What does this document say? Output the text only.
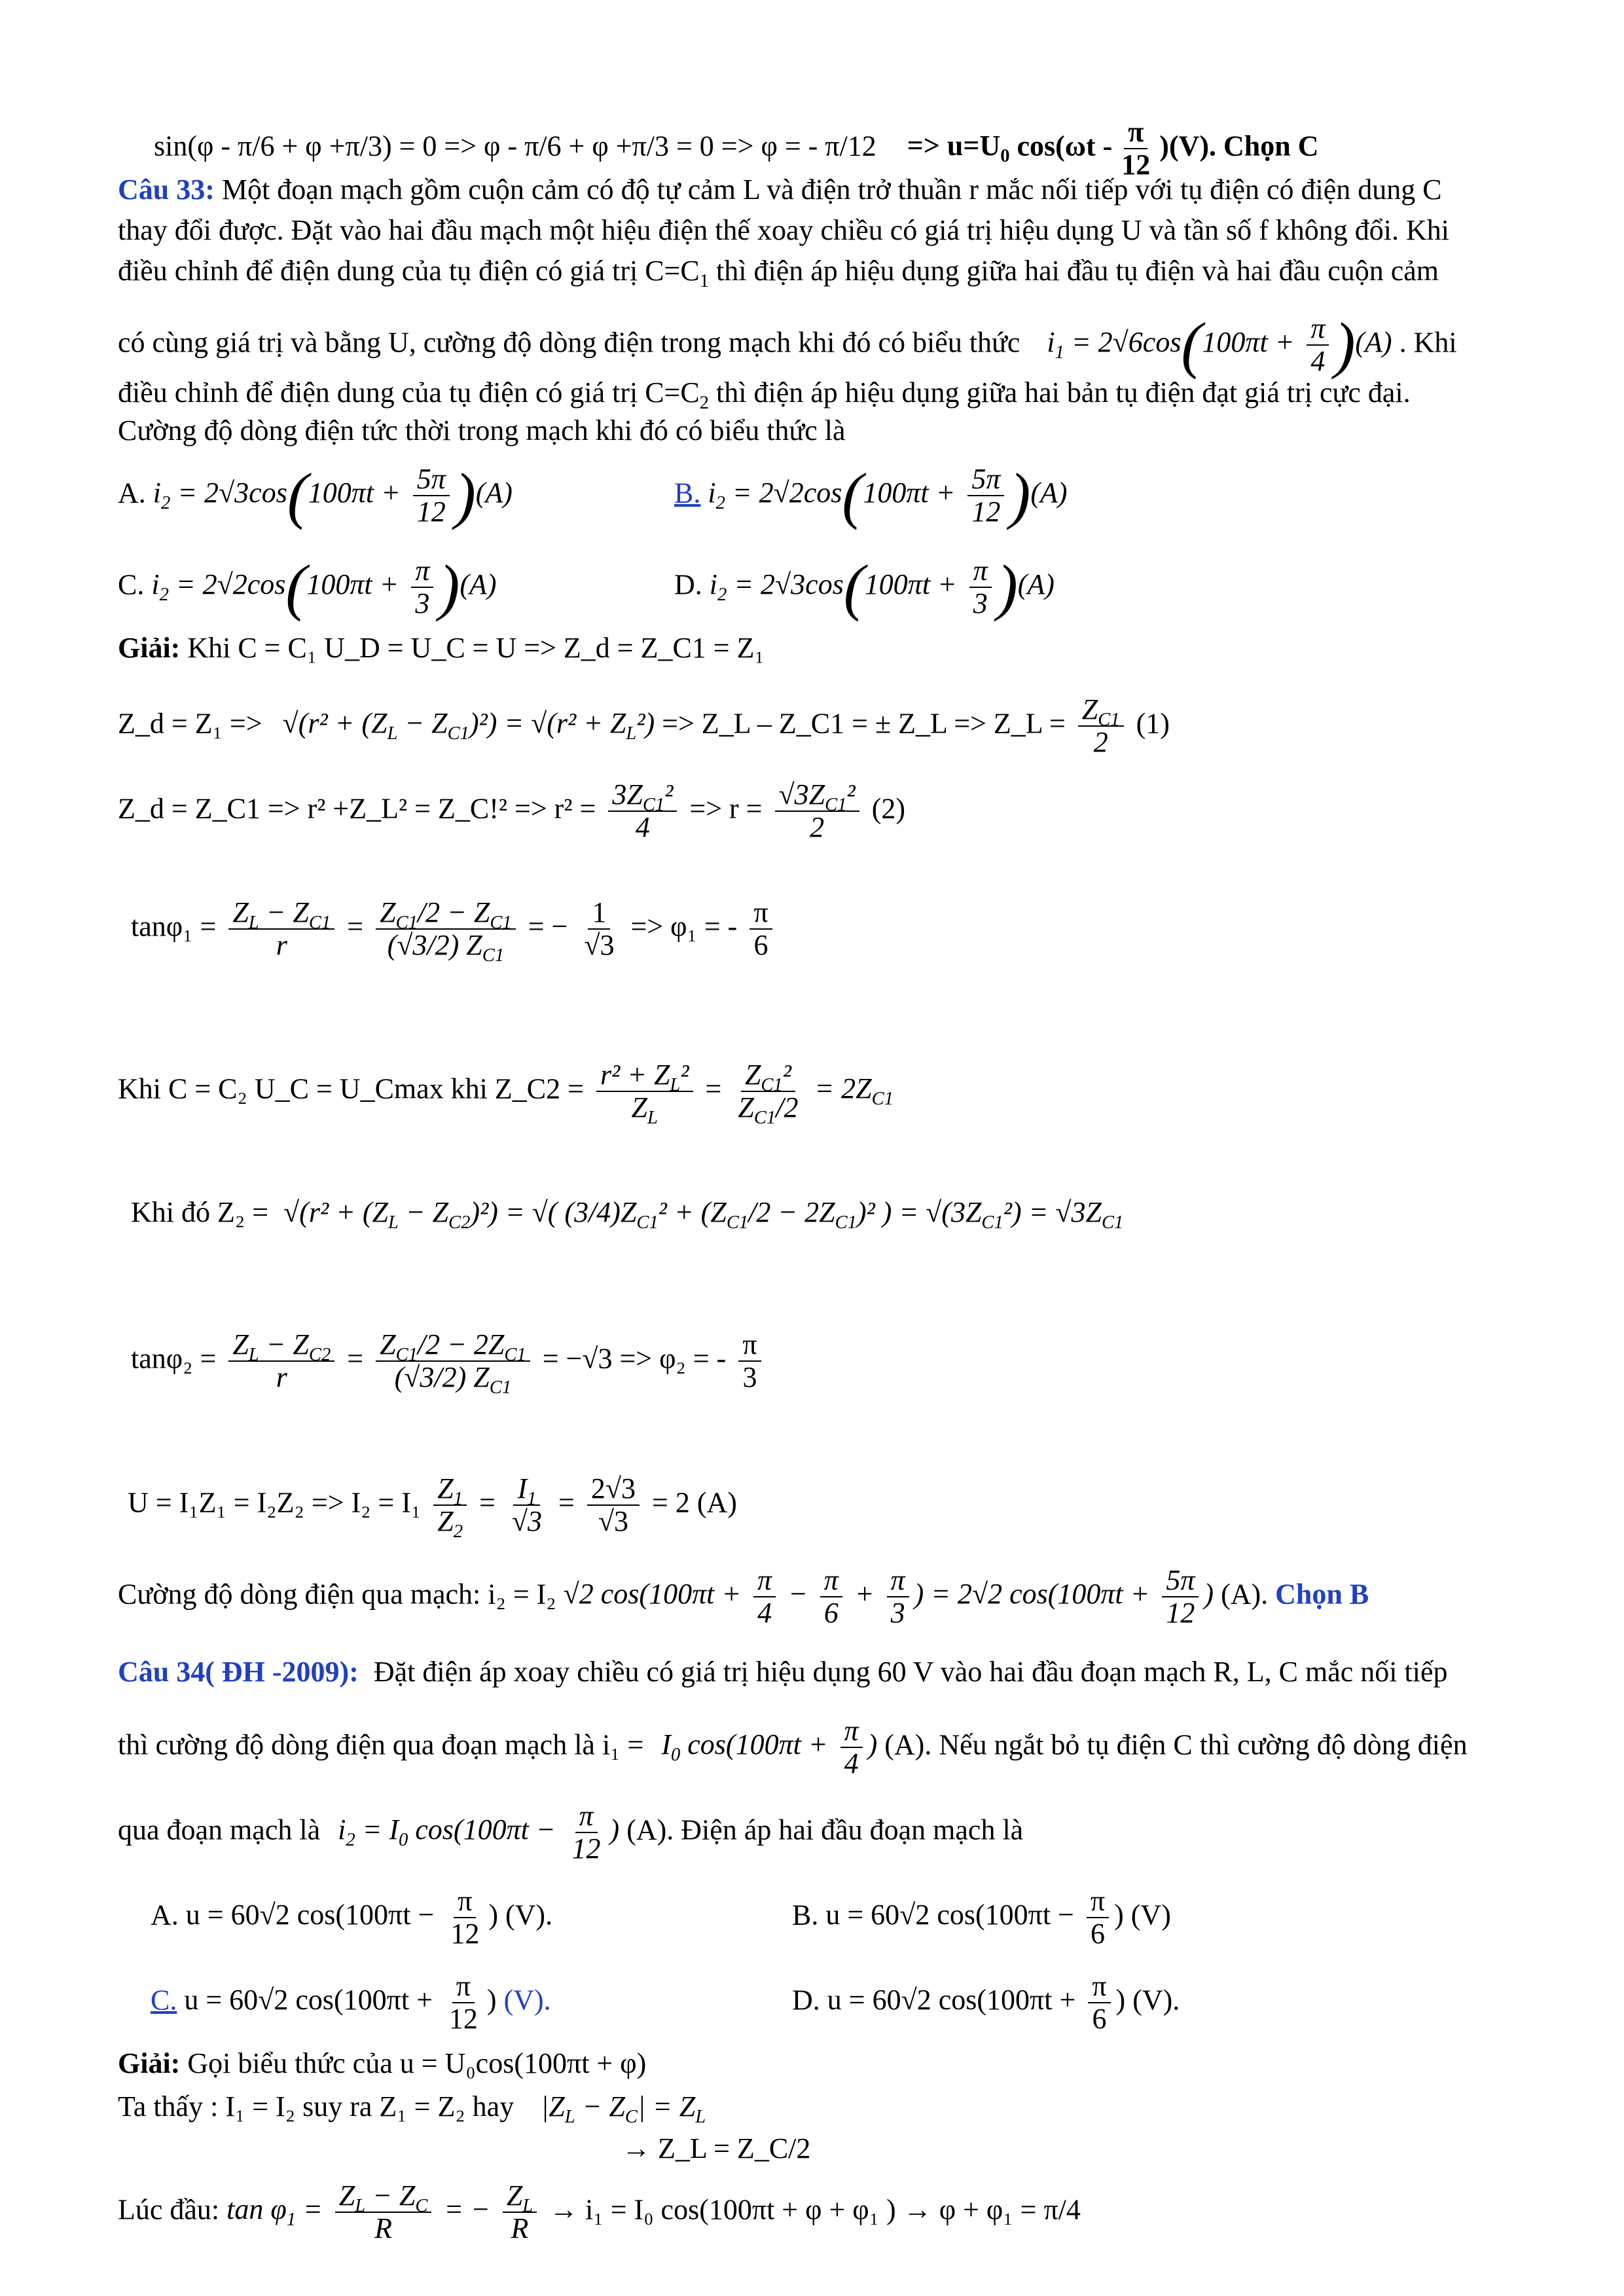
sin(φ - π/6 + φ +π/3) = 0 => φ - π/6 + φ +π/3 = 0 => φ = - $\pi/12 => u=U_0$ $\cos(\omega t - \frac{\pi}{12} )(V)$. Chọn C
Câu 33: Một đoạn mạch gồm cuộn cảm có độ tự cảm L và điện trở thuần r mắc nối tiếp với tụ điện có điện dung C
thay đổi được. Đặt vào hai đầu mạch một hiệu điện thế xoay chiều có giá trị hiệu dụng U và tần số f không đổi. Khi
điều chỉnh để điện dung của tụ điện có giá trị $C=C_1$ thì điện áp hiệu dụng giữa hai đầu tụ điện và hai đầu cuộn cảm
có cùng giá trị và bằng U, cường độ dòng điện trong mạch khi đó có biểu thức $i_1 = 2√6\cos(100\pi t + \frac{\pi}{4} )(A)$ . Khi
điều chỉnh để điện dung của tụ điện có giá trị $C=C_2$ thì điện áp hiệu dụng giữa hai bản tụ điện đạt giá trị cực đại.
Cường độ dòng điện tức thời trong mạch khi đó có biểu thức là
A. $i_2 = 2√3\cos(100\pi t + \frac{5\pi}{12} )(A)$	B. $i_2 = 2√2\cos(100\pi t + \frac{5\pi}{12} )(A)$
C. $i_2 = 2√2\cos(100\pi t + \frac{\pi}{3} )(A)$	D. $i_2 = 2√3\cos(100\pi t + \frac{\pi}{3} )(A)$
Giải: Khi C = C₁ U_D = U_C = U => Z_d = Z_C1 = Z₁
Z_d = $Z_1 => √(r^2 + (Z_L - Z_{C1})^2) = √(r^2 + Z_L^2)$ => Z_L – Z_C1 = ± Z_L => Z_L = $\frac{Z_{C1}}{2} (1)$
Z_d = Z_C1 => r² +Z_L² = Z_C!² => $r^2 = \frac{3Z_{C1}^2}{4} => r = \frac{√3Z_{C1}^2}{2} (2)$
$\tan\varphi_1 = \frac{Z_L - Z_{C1}}{r} = \frac{Z_{C1}/2 - Z_{C1}}{(√3/2) Z_{C1}}$ = − $\frac{1}{√3} => \varphi_1$ = - $\frac{\pi}{6}$
Khi C = C₂ U_C = U_Cmax khi Z_C2 = $\frac{r^2 + Z_L^2}{Z_L} = \frac{Z_{C1}^2}{Z_{C1}/2} = 2Z_{C1}$
Khi đó $Z_2 = √(r^2 + (Z_L - Z_{C2})^2)$ = √( $(3/4)Z_{C1}^2 + (Z_{C1}/2 - 2Z_{C1})^2$ ) = $√(3Z_{C1}^2) = √3Z_{C1}$
$\tan\varphi_2 = \frac{Z_L - Z_{C2}}{r} = \frac{Z_{C1}/2 - 2Z_{C1}}{(√3/2) Z_{C1}} = -√3 => \varphi_2$ = - $\frac{\pi}{3}$
$U = I_1Z_1 = I_2Z_2 => I_2 = I_1 \frac{Z_1}{Z_2} = \frac{I_1}{√3} = \frac{2√3}{√3} = 2$ (A)
Cường độ dòng điện qua mạch: i₂ = I₂ √2 $\cos(100\pi t + \frac{\pi}{4} - \frac{\pi}{6} + \frac{\pi}{3}$ ) = 2√2 $\cos(100\pi t + \frac{5\pi}{12}$ ) (A). Chọn B
Câu 34( ĐH -2009): Đặt điện áp xoay chiều có giá trị hiệu dụng 60 V vào hai đầu đoạn mạch R, L, C mắc nối tiếp
thì cường độ dòng điện qua đoạn mạch là $i_1 = I_0$ $\cos(100\pi t + \frac{\pi}{4}$ ) (A). Nếu ngắt bỏ tụ điện C thì cường độ dòng điện
qua đoạn mạch là $i_2 = I_0$ $\cos(100\pi t - \frac{\pi}{12}$ ) (A). Điện áp hai đầu đoạn mạch là
A. u = 60√2 $\cos(100\pi t - \frac{\pi}{12}$ ) (V).	B. u = 60√2 $\cos(100\pi t - \frac{\pi}{6}$ ) (V)
C. u = 60√2 $\cos(100\pi t + \frac{\pi}{12}$ ) (V).	D. u = 60√2 $\cos(100\pi t + \frac{\pi}{6}$ ) (V).
Giải: Gọi biểu thức của u = U₀cos(100πt + φ)
Ta thấy : I₁ = I₂ suy ra Z₁ = Z₂ hay $|Z_L - Z_C| = Z_L$
→ Z_L = Z_C/2
Lúc đầu: $\tan \varphi_1 = \frac{Z_L - Z_C}{R}$ = − $\frac{Z_L}{R} \to i_1 = I_0$ cos(100πt + φ + φ₁ ) → φ + φ₁ = π/4
